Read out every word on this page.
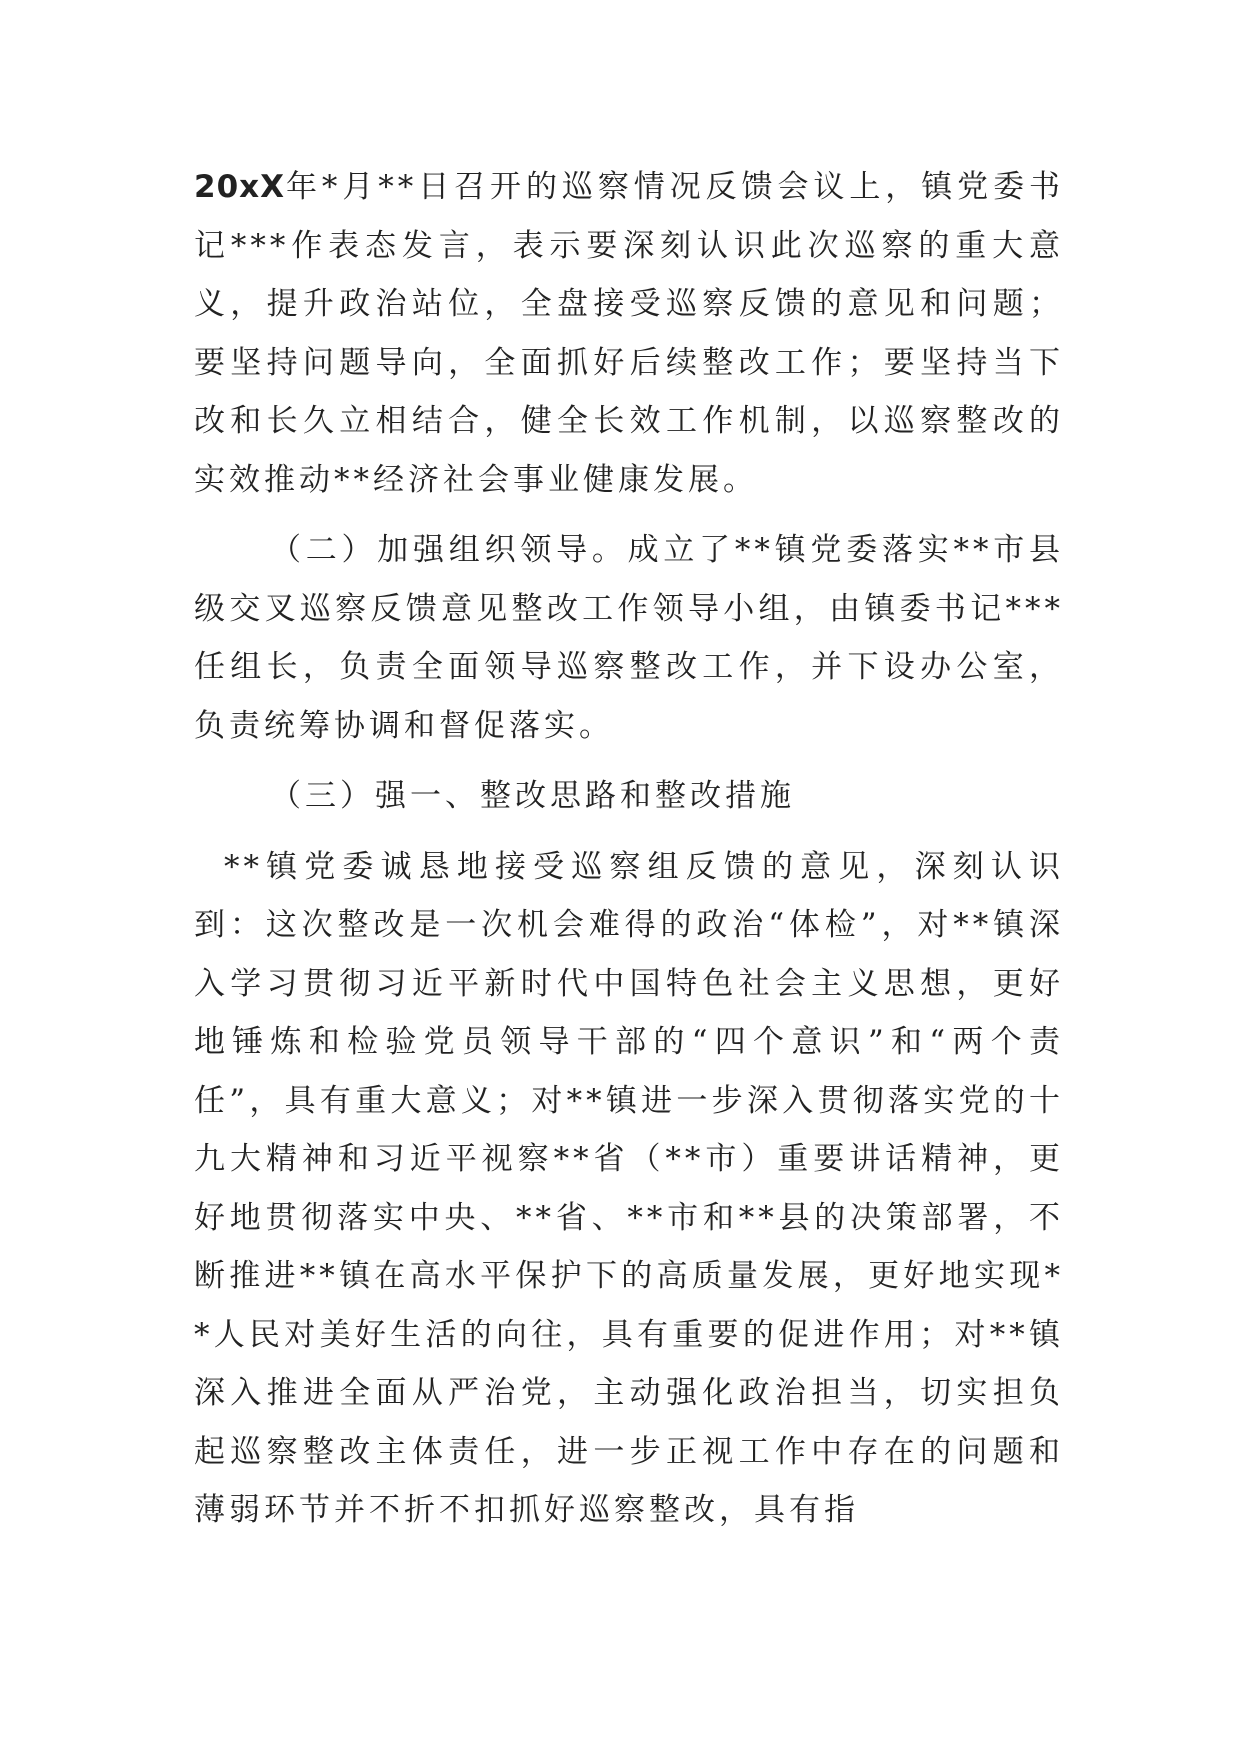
20xX年*月**日召开的巡察情况反馈会议上，镇党委书记***作表态发言，表示要深刻认识此次巡察的重大意义，提升政治站位，全盘接受巡察反馈的意见和问题；要坚持问题导向，全面抓好后续整改工作；要坚持当下改和长久立相结合，健全长效工作机制，以巡察整改的实效推动**经济社会事业健康发展。

（二）加强组织领导。成立了**镇党委落实**市县级交叉巡察反馈意见整改工作领导小组，由镇委书记***任组长，负责全面领导巡察整改工作，并下设办公室，负责统筹协调和督促落实。

（三）强一、整改思路和整改措施

**镇党委诚恳地接受巡察组反馈的意见，深刻认识到：这次整改是一次机会难得的政治“体检”，对**镇深入学习贯彻习近平新时代中国特色社会主义思想，更好地锤炼和检验党员领导干部的“四个意识”和“两个责任”，具有重大意义；对**镇进一步深入贯彻落实党的十九大精神和习近平视察**省（**市）重要讲话精神，更好地贯彻落实中央、**省、**市和**县的决策部署，不断推进**镇在高水平保护下的高质量发展，更好地实现**人民对美好生活的向往，具有重要的促进作用；对**镇深入推进全面从严治党，主动强化政治担当，切实担负起巡察整改主体责任，进一步正视工作中存在的问题和薄弱环节并不折不扣抓好巡察整改，具有指
